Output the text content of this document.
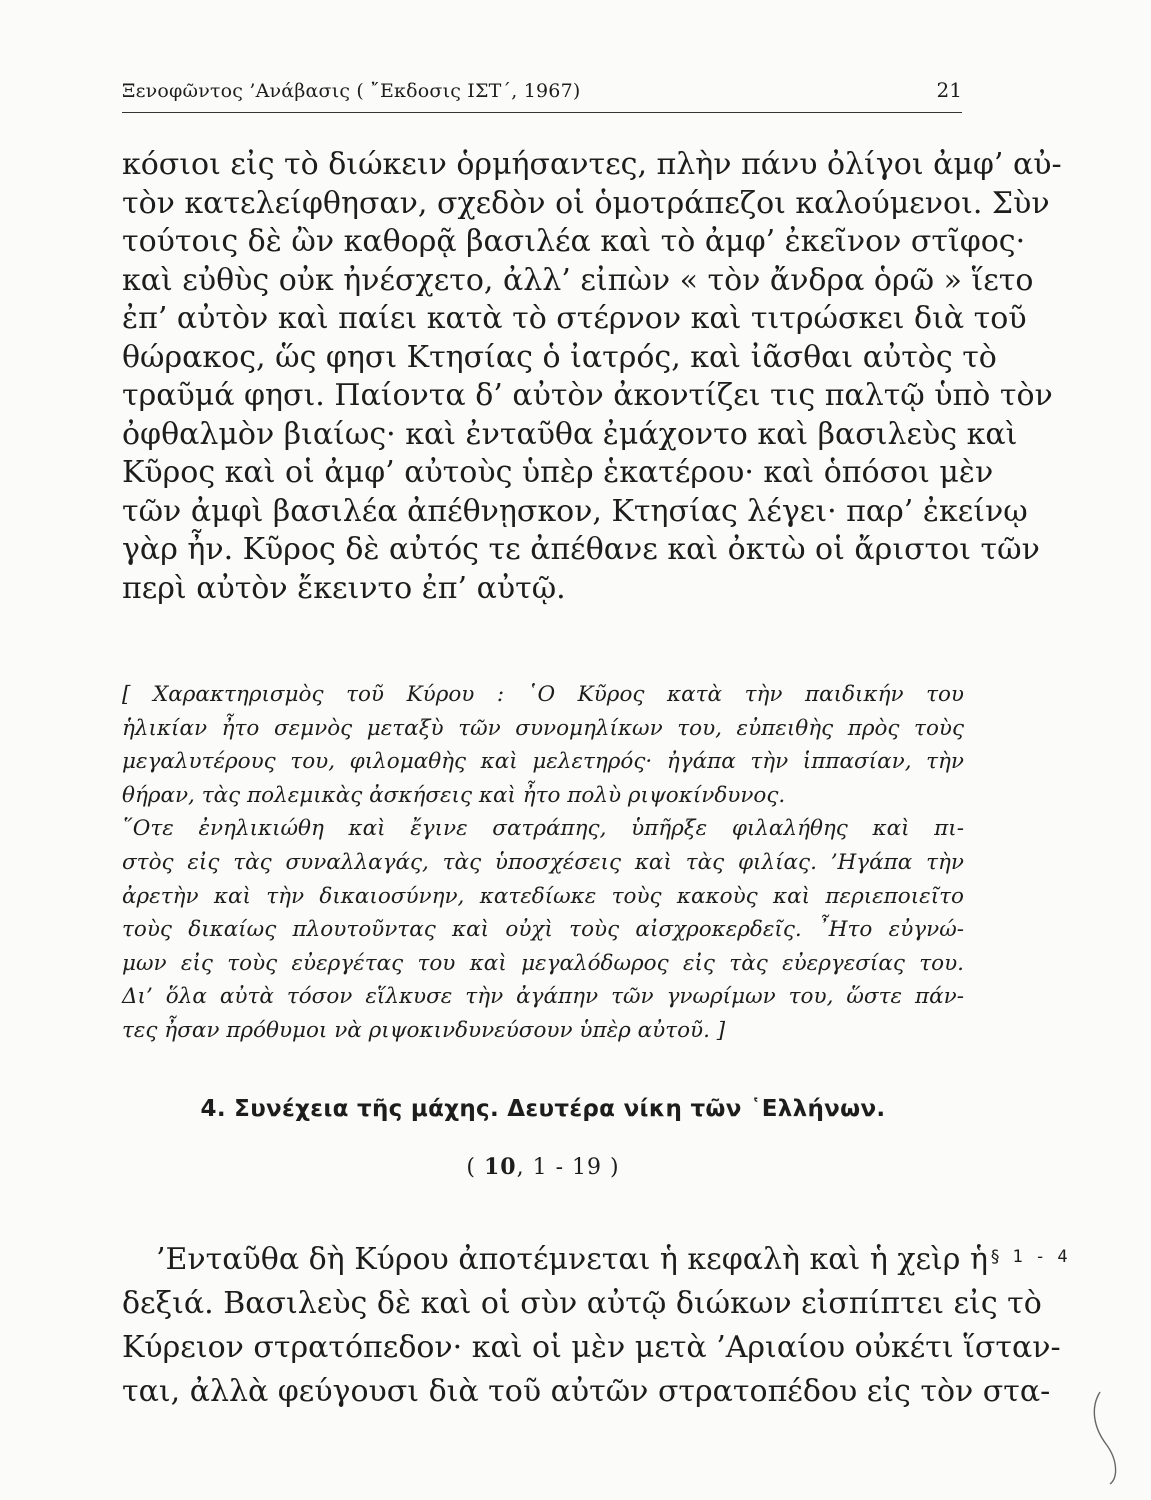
Ξενοφῶντος ’Ανάβασις ( ῎Εκδοσις ΙΣΤ΄, 1967)	21
κόσιοι εἰς τὸ διώκειν ὁρμήσαντες, πλὴν πάνυ ὀλίγοι ἀμφ’ αὐ-
τὸν κατελείφθησαν, σχεδὸν οἱ ὁμοτράπεζοι καλούμενοι. Σὺν
τούτοις δὲ ὢν καθορᾷ βασιλέα καὶ τὸ ἀμφ’ ἐκεῖνον στῖφος·
καὶ εὐθὺς οὐκ ἠνέσχετο, ἀλλ’ εἰπὼν « τὸν ἄνδρα ὁρῶ » ἵετο
ἐπ’ αὐτὸν καὶ παίει κατὰ τὸ στέρνον καὶ τιτρώσκει διὰ τοῦ
θώρακος, ὥς φησι Κτησίας ὁ ἰατρός, καὶ ἰᾶσθαι αὐτὸς τὸ
τραῦμά φησι. Παίοντα δ’ αὐτὸν ἀκοντίζει τις παλτῷ ὑπὸ τὸν
ὀφθαλμὸν βιαίως· καὶ ἐνταῦθα ἐμάχοντο καὶ βασιλεὺς καὶ
Κῦρος καὶ οἱ ἀμφ’ αὐτοὺς ὑπὲρ ἑκατέρου· καὶ ὁπόσοι μὲν
τῶν ἀμφὶ βασιλέα ἀπέθνῃσκον, Κτησίας λέγει· παρ’ ἐκείνῳ
γὰρ ἦν. Κῦρος δὲ αὐτός τε ἀπέθανε καὶ ὀκτὼ οἱ ἄριστοι τῶν
περὶ αὐτὸν ἔκειντο ἐπ’ αὐτῷ.
[ Χαρακτηρισμὸς τοῦ Κύρου : ῾Ο Κῦρος κατὰ τὴν παιδικήν του
ἡλικίαν ἦτο σεμνὸς μεταξὺ τῶν συνομηλίκων του, εὐπειθὴς πρὸς τοὺς
μεγαλυτέρους του, φιλομαθὴς καὶ μελετηρός· ἠγάπα τὴν ἱππασίαν, τὴν
θήραν, τὰς πολεμικὰς ἀσκήσεις καὶ ἦτο πολὺ ριψοκίνδυνος.
῞Οτε ἐνηλικιώθη καὶ ἔγινε σατράπης, ὑπῆρξε φιλαλήθης καὶ πι-
στὸς εἰς τὰς συναλλαγάς, τὰς ὑποσχέσεις καὶ τὰς φιλίας. ’Ηγάπα τὴν
ἀρετὴν καὶ τὴν δικαιοσύνην, κατεδίωκε τοὺς κακοὺς καὶ περιεποιεῖτο
τοὺς δικαίως πλουτοῦντας καὶ οὐχὶ τοὺς αἰσχροκερδεῖς. ῏Ητο εὐγνώ-
μων εἰς τοὺς εὐεργέτας του καὶ μεγαλόδωρος εἰς τὰς εὐεργεσίας του.
Δι’ ὅλα αὐτὰ τόσον εἵλκυσε τὴν ἀγάπην τῶν γνωρίμων του, ὥστε πάν-
τες ἦσαν πρόθυμοι νὰ ριψοκινδυνεύσουν ὑπὲρ αὐτοῦ. ]
4. Συνέχεια τῆς μάχης. Δευτέρα νίκη τῶν ῾Ελλήνων.
( 10, 1 - 19 )
’Ενταῦθα δὴ Κύρου ἀποτέμνεται ἡ κεφαλὴ καὶ ἡ χεὶρ ἡ
δεξιά. Βασιλεὺς δὲ καὶ οἱ σὺν αὐτῷ διώκων εἰσπίπτει εἰς τὸ
Κύρειον στρατόπεδον· καὶ οἱ μὲν μετὰ ’Αριαίου οὐκέτι ἵσταν-
ται, ἀλλὰ φεύγουσι διὰ τοῦ αὐτῶν στρατοπέδου εἰς τὸν στα-
§ 1 - 4
